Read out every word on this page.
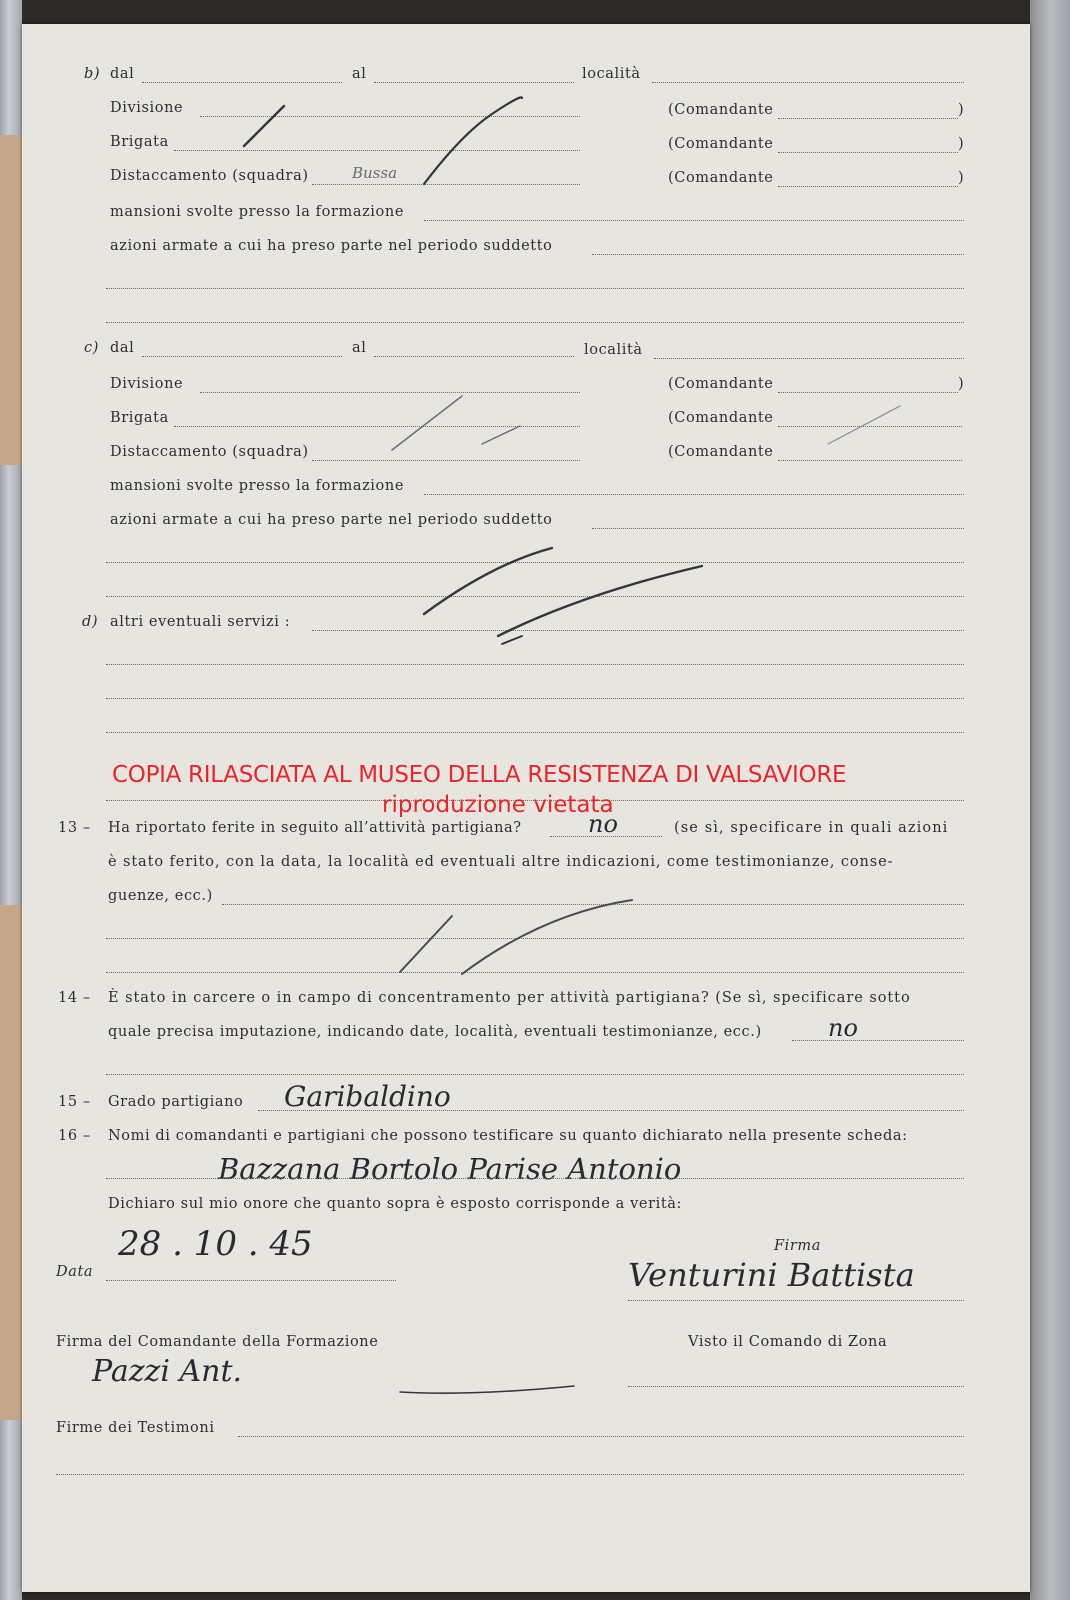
b) dal	al	località
Divisione	(Comandante	)
Brigata	(Comandante	)
Distaccamento (squadra)	Bussa	(Comandante	)
mansioni svolte presso la formazione
azioni armate a cui ha preso parte nel periodo suddetto
c) dal	al	località
Divisione	(Comandante	)
Brigata	(Comandante
Distaccamento (squadra)	(Comandante
mansioni svolte presso la formazione
azioni armate a cui ha preso parte nel periodo suddetto
d) altri eventuali servizi :
COPIA RILASCIATA AL MUSEO DELLA RESISTENZA DI VALSAVIORE
riproduzione vietata
13 – Ha riportato ferite in seguito all’attività partigiana?	no	(se sì, specificare in quali azioni
è stato ferito, con la data, la località ed eventuali altre indicazioni, come testimonianze, conse-
guenze, ecc.)
14 – È stato in carcere o in campo di concentramento per attività partigiana? (Se sì, specificare sotto
quale precisa imputazione, indicando date, località, eventuali testimonianze, ecc.)	no
15 – Grado partigiano Garibaldino
16 – Nomi di comandanti e partigiani che possono testificare su quanto dichiarato nella presente scheda:
Bazzana Bortolo Parise Antonio
Dichiaro sul mio onore che quanto sopra è esposto corrisponde a verità:
Data
28 . 10 . 45	Firma
Venturini Battista
Firma del Comandante della Formazione	Visto il Comando di Zona
Pazzi Ant.
Firme dei Testimoni
